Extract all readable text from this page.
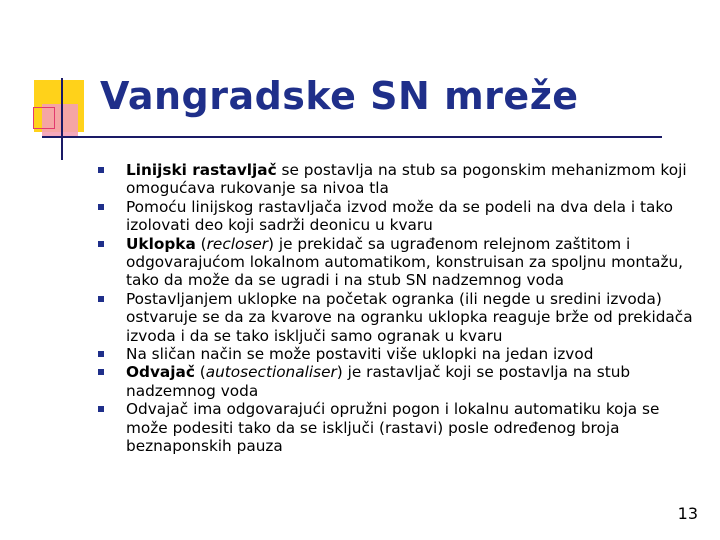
Vangradske SN mreže
Linijski rastavljač se postavlja na stub sa pogonskim mehanizmom koji omogućava rukovanje sa nivoa tla
Pomoću linijskog rastavljača izvod može da se podeli na dva dela i tako izolovati deo koji sadrži deonicu u kvaru
Uklopka (recloser) je prekidač sa ugrađenom relejnom zaštitom i odgovarajućom lokalnom automatikom, konstruisan za spoljnu montažu, tako da može da se ugradi i na stub SN nadzemnog voda
Postavljanjem uklopke na početak ogranka (ili negde u sredini izvoda) ostvaruje se da za kvarove na ogranku uklopka reaguje brže od prekidača izvoda i da se tako isključi samo ogranak u kvaru
Na sličan način se može postaviti više uklopki na jedan izvod
Odvajač (autosectionaliser) je rastavljač koji se postavlja na stub nadzemnog voda
Odvajač ima odgovarajući opružni pogon i lokalnu automatiku koja se može podesiti tako da se isključi (rastavi) posle određenog broja beznaponskih pauza
13
